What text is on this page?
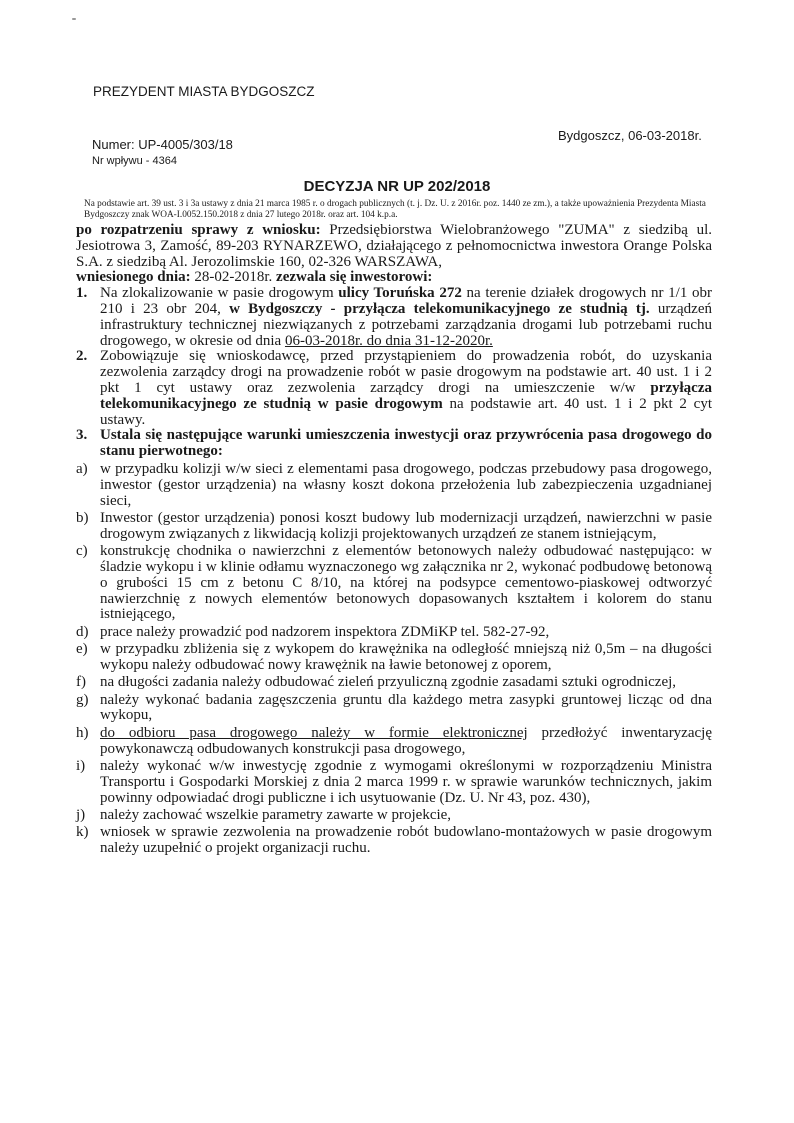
PREZYDENT MIASTA BYDGOSZCZ
Numer: UP-4005/303/18
Nr wpływu - 4364
Bydgoszcz, 06-03-2018r.
DECYZJA NR UP 202/2018
Na podstawie art. 39 ust. 3 i 3a ustawy z dnia 21 marca 1985 r. o drogach publicznych (t. j. Dz. U. z 2016r. poz. 1440 ze zm.), a także upoważnienia Prezydenta Miasta Bydgoszczy znak WOA-I.0052.150.2018 z dnia 27 lutego 2018r. oraz art. 104 k.p.a.

po rozpatrzeniu sprawy z wniosku: Przedsiębiorstwa Wielobranżowego "ZUMA" z siedzibą ul. Jesiotrowa 3, Zamość, 89-203 RYNARZEWO, działającego z pełnomocnictwa inwestora Orange Polska S.A. z siedzibą Al. Jerozolimskie 160, 02-326 WARSZAWA,

wniesionego dnia: 28-02-2018r. zezwala się inwestorowi:

1. Na zlokalizowanie w pasie drogowym ulicy Toruńska 272 na terenie działek drogowych nr 1/1 obr 210 i 23 obr 204, w Bydgoszczy - przyłącza telekomunikacyjnego ze studnią tj. urządzeń infrastruktury technicznej niezwiązanych z potrzebami zarządzania drogami lub potrzebami ruchu drogowego, w okresie od dnia 06-03-2018r. do dnia 31-12-2020r.
2. Zobowiązuje się wnioskodawcę, przed przystąpieniem do prowadzenia robót, do uzyskania zezwolenia zarządcy drogi na prowadzenie robót w pasie drogowym na podstawie art. 40 ust. 1 i 2 pkt 1 cyt ustawy oraz zezwolenia zarządcy drogi na umieszczenie w/w przyłącza telekomunikacyjnego ze studnią w pasie drogowym na podstawie art. 40 ust. 1 i 2 pkt 2 cyt ustawy.
3. Ustala się następujące warunki umieszczenia inwestycji oraz przywrócenia pasa drogowego do stanu pierwotnego:
a) w przypadku kolizji w/w sieci z elementami pasa drogowego, podczas przebudowy pasa drogowego, inwestor (gestor urządzenia) na własny koszt dokona przełożenia lub zabezpieczenia uzgadnianej sieci,
b) Inwestor (gestor urządzenia) ponosi koszt budowy lub modernizacji urządzeń, nawierzchni w pasie drogowym związanych z likwidacją kolizji projektowanych urządzeń ze stanem istniejącym,
c) konstrukcję chodnika o nawierzchni z elementów betonowych należy odbudować następująco: w śladzie wykopu i w klinie odłamu wyznaczonego wg załącznika nr 2, wykonać podbudowę betonową o grubości 15 cm z betonu C 8/10, na której na podsypce cementowo-piaskowej odtworzyć nawierzchnię z nowych elementów betonowych dopasowanych kształtem i kolorem do stanu istniejącego,
d) prace należy prowadzić pod nadzorem inspektora ZDMiKP tel. 582-27-92,
e) w przypadku zbliżenia się z wykopem do krawężnika na odległość mniejszą niż 0,5m – na długości wykopu należy odbudować nowy krawężnik na ławie betonowej z oporem,
f) na długości zadania należy odbudować zieleń przyuliczną zgodnie zasadami sztuki ogrodniczej,
g) należy wykonać badania zagęszczenia gruntu dla każdego metra zasypki gruntowej licząc od dna wykopu,
h) do odbioru pasa drogowego należy w formie elektronicznej przedłożyć inwentaryzację powykonawczą odbudowanych konstrukcji pasa drogowego,
i) należy wykonać w/w inwestycję zgodnie z wymogami określonymi w rozporządzeniu Ministra Transportu i Gospodarki Morskiej z dnia 2 marca 1999 r. w sprawie warunków technicznych, jakim powinny odpowiadać drogi publiczne i ich usytuowanie (Dz. U. Nr 43, poz. 430),
j) należy zachować wszelkie parametry zawarte w projekcie,
k) wniosek w sprawie zezwolenia na prowadzenie robót budowlano-montażowych w pasie drogowym należy uzupełnić o projekt organizacji ruchu.
